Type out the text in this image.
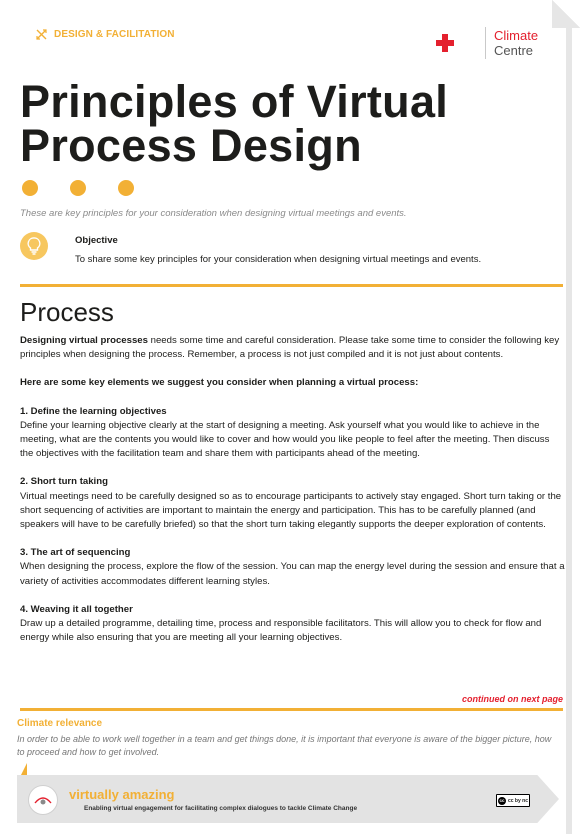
DESIGN & FACILITATION	Climate
Centre
Principles of Virtual
Process Design
These are key principles for your consideration when designing virtual meetings and events.
Objective
To share some key principles for your consideration when designing virtual meetings and events.
Process

Designing virtual processes needs some time and careful consideration. Please take some time to consider the following key principles when designing the process. Remember, a process is not just compiled and it is not just about contents.

Here are some key elements we suggest you consider when planning a virtual process:

1. Define the learning objectives
Define your learning objective clearly at the start of designing a meeting. Ask yourself what you would like to achieve in the meeting, what are the contents you would like to cover and how would you like people to feel after the meeting. Then discuss the objectives with the facilitation team and share them with participants ahead of the meeting.

2. Short turn taking
Virtual meetings need to be carefully designed so as to encourage participants to actively stay engaged. Short turn taking or the short sequencing of activities are important to maintain the energy and participation. This has to be carefully planned (and speakers will have to be carefully briefed) so that the short turn taking elegantly supports the deeper exploration of contents.

3. The art of sequencing
When designing the process, explore the flow of the session. You can map the energy level during the session and ensure that a variety of activities accommodates different learning styles.

4. Weaving it all together
Draw up a detailed programme, detailing time, process and responsible facilitators. This will allow you to check for flow and energy while also ensuring that you are meeting all your learning objectives.

continued on next page
Climate relevance
In order to be able to work well together in a team and get things done, it is important that everyone is aware of the bigger picture, how to proceed and how to get involved.
virtually amazing
Enabling virtual engagement for facilitating complex dialogues to tackle Climate Change
cc cc by nc
